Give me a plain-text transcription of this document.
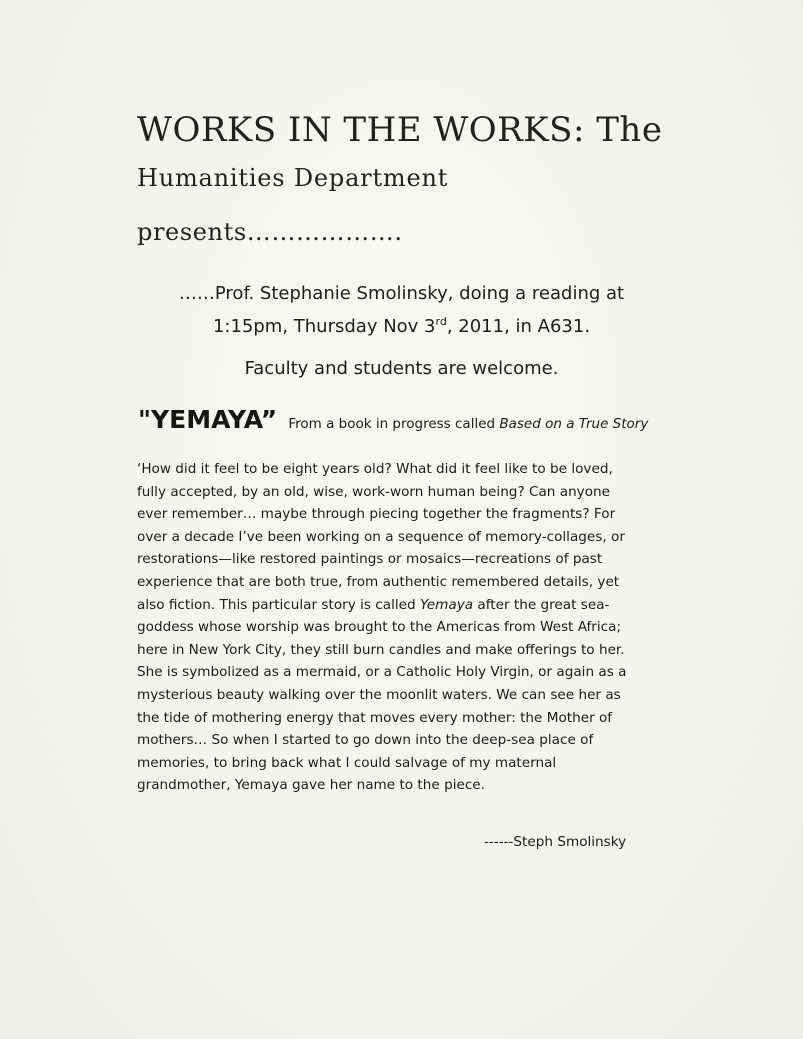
WORKS IN THE WORKS: The
Humanities Department
presents……………….
……Prof. Stephanie Smolinsky, doing a reading at
1:15pm, Thursday Nov 3rd, 2011, in A631.
Faculty and students are welcome.
"YEMAYA” From a book in progress called Based on a True Story
‘How did it feel to be eight years old? What did it feel like to be loved,
fully accepted, by an old, wise, work-worn human being? Can anyone
ever remember… maybe through piecing together the fragments? For
over a decade I’ve been working on a sequence of memory-collages, or
restorations—like restored paintings or mosaics—recreations of past
experience that are both true, from authentic remembered details, yet
also fiction. This particular story is called Yemaya after the great sea-
goddess whose worship was brought to the Americas from West Africa;
here in New York City, they still burn candles and make offerings to her.
She is symbolized as a mermaid, or a Catholic Holy Virgin, or again as a
mysterious beauty walking over the moonlit waters. We can see her as
the tide of mothering energy that moves every mother: the Mother of
mothers… So when I started to go down into the deep-sea place of
memories, to bring back what I could salvage of my maternal
grandmother, Yemaya gave her name to the piece.
------Steph Smolinsky
